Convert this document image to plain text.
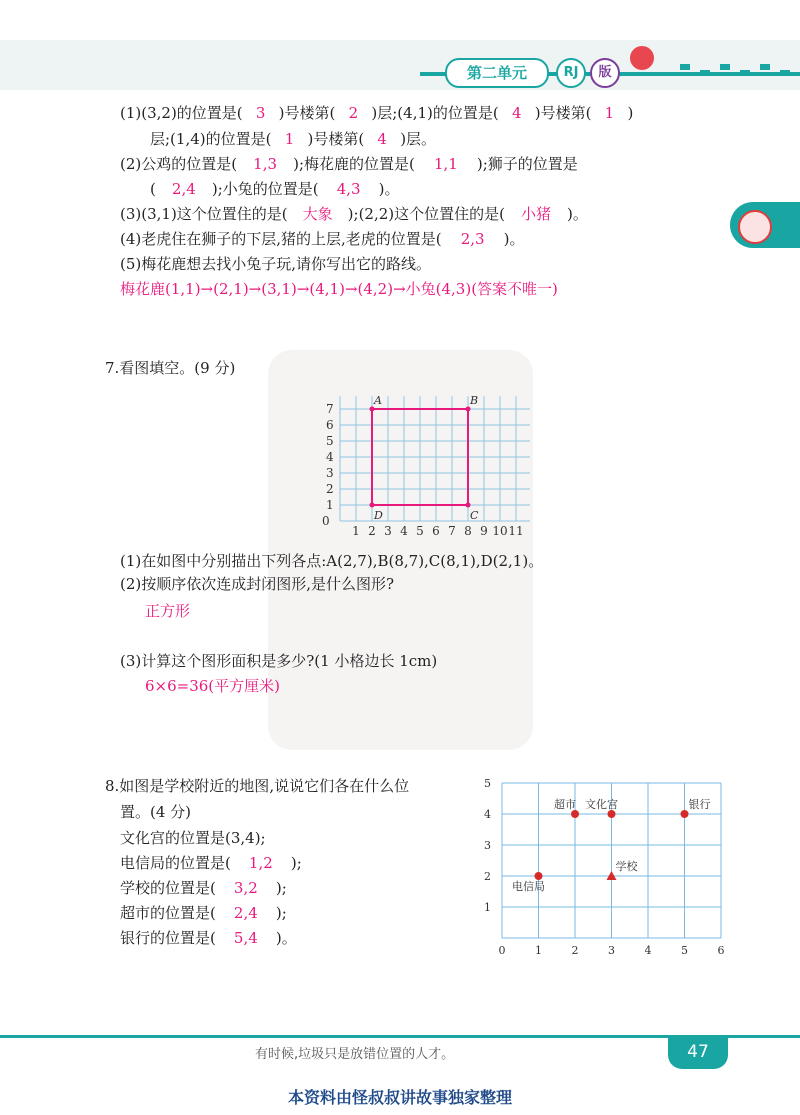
第二单元	RJ	版
(1)(3,2)的位置是( 3 )号楼第( 2 )层;(4,1)的位置是( 4 )号楼第( 1 )
层;(1,4)的位置是( 1 )号楼第( 4 )层。
(2)公鸡的位置是( 1,3 );梅花鹿的位置是( 1,1 );狮子的位置是
( 2,4 );小兔的位置是( 4,3 )。
(3)(3,1)这个位置住的是( 大象 );(2,2)这个位置住的是( 小猪 )。
(4)老虎住在狮子的下层,猪的上层,老虎的位置是( 2,3 )。
(5)梅花鹿想去找小兔子玩,请你写出它的路线。
梅花鹿(1,1)→(2,1)→(3,1)→(4,1)→(4,2)→小兔(4,3)(答案不唯一)
7.看图填空。(9 分)
0
1 2 3 4 5 6 7 8 9 10 11
1
2
3
4
5
6
7
A	B
C
D
(1)在如图中分别描出下列各点:A(2,7),B(8,7),C(8,1),D(2,1)。
(2)按顺序依次连成封闭图形,是什么图形?
正方形
(3)计算这个图形面积是多少?(1 小格边长 1cm)
6×6=36(平方厘米)
8.如图是学校附近的地图,说说它们各在什么位
置。(4 分)
文化宫的位置是(3,4);
电信局的位置是( 1,2 );
学校的位置是( 3,2 );
超市的位置是( 2,4 );
银行的位置是( 5,4 )。
0	1	2	3	4	5	6
1
2
3
4
5
超市 文化宫	银行
电信局
学校
有时候,垃圾只是放错位置的人才。	47
本资料由怪叔叔讲故事独家整理
